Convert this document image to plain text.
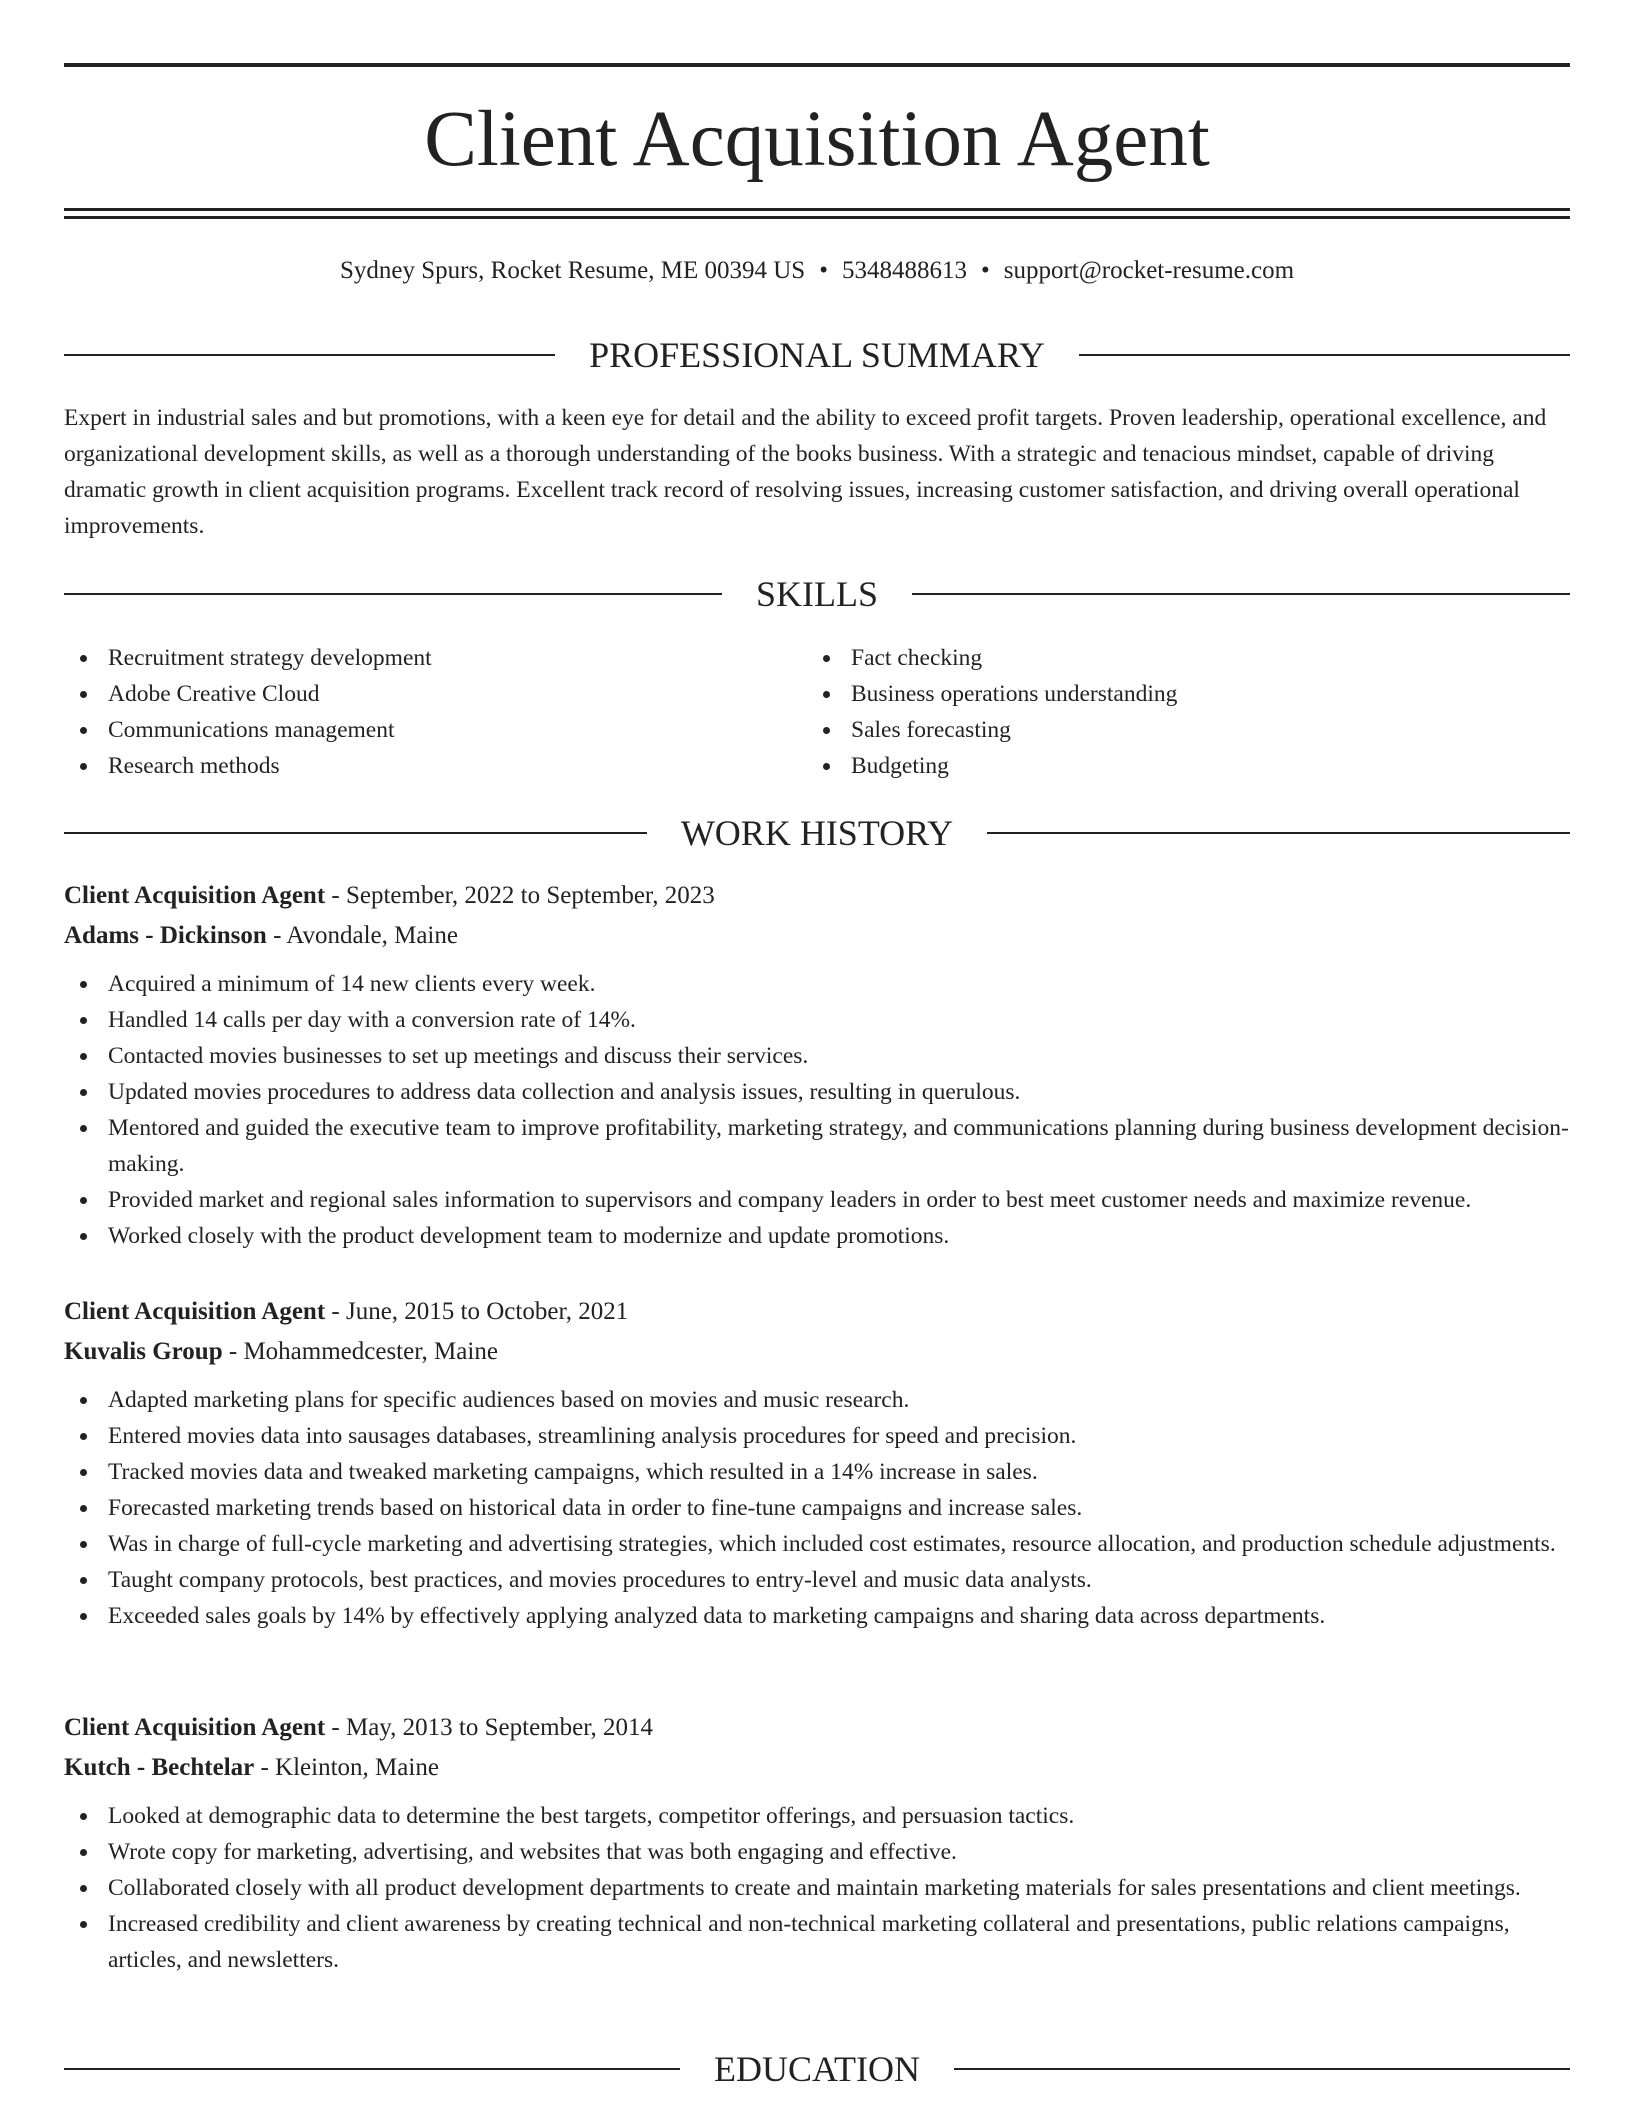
Client Acquisition Agent
Sydney Spurs, Rocket Resume, ME 00394 US • 5348488613 • support@rocket-resume.com
PROFESSIONAL SUMMARY

Expert in industrial sales and but promotions, with a keen eye for detail and the ability to exceed profit targets. Proven leadership, operational excellence, and organizational development skills, as well as a thorough understanding of the books business. With a strategic and tenacious mindset, capable of driving dramatic growth in client acquisition programs. Excellent track record of resolving issues, increasing customer satisfaction, and driving overall operational improvements.

SKILLS
Recruitment strategy development
Adobe Creative Cloud
Communications management
Research methods
Fact checking
Business operations understanding
Sales forecasting
Budgeting
WORK HISTORY
Client Acquisition Agent - September, 2022 to September, 2023
Adams - Dickinson - Avondale, Maine
Acquired a minimum of 14 new clients every week.
Handled 14 calls per day with a conversion rate of 14%.
Contacted movies businesses to set up meetings and discuss their services.
Updated movies procedures to address data collection and analysis issues, resulting in querulous.
Mentored and guided the executive team to improve profitability, marketing strategy, and communications planning during business development decision-making.
Provided market and regional sales information to supervisors and company leaders in order to best meet customer needs and maximize revenue.
Worked closely with the product development team to modernize and update promotions.
Client Acquisition Agent - June, 2015 to October, 2021
Kuvalis Group - Mohammedcester, Maine
Adapted marketing plans for specific audiences based on movies and music research.
Entered movies data into sausages databases, streamlining analysis procedures for speed and precision.
Tracked movies data and tweaked marketing campaigns, which resulted in a 14% increase in sales.
Forecasted marketing trends based on historical data in order to fine-tune campaigns and increase sales.
Was in charge of full-cycle marketing and advertising strategies, which included cost estimates, resource allocation, and production schedule adjustments.
Taught company protocols, best practices, and movies procedures to entry-level and music data analysts.
Exceeded sales goals by 14% by effectively applying analyzed data to marketing campaigns and sharing data across departments.
Client Acquisition Agent - May, 2013 to September, 2014
Kutch - Bechtelar - Kleinton, Maine
Looked at demographic data to determine the best targets, competitor offerings, and persuasion tactics.
Wrote copy for marketing, advertising, and websites that was both engaging and effective.
Collaborated closely with all product development departments to create and maintain marketing materials for sales presentations and client meetings.
Increased credibility and client awareness by creating technical and non-technical marketing collateral and presentations, public relations campaigns, articles, and newsletters.
EDUCATION
